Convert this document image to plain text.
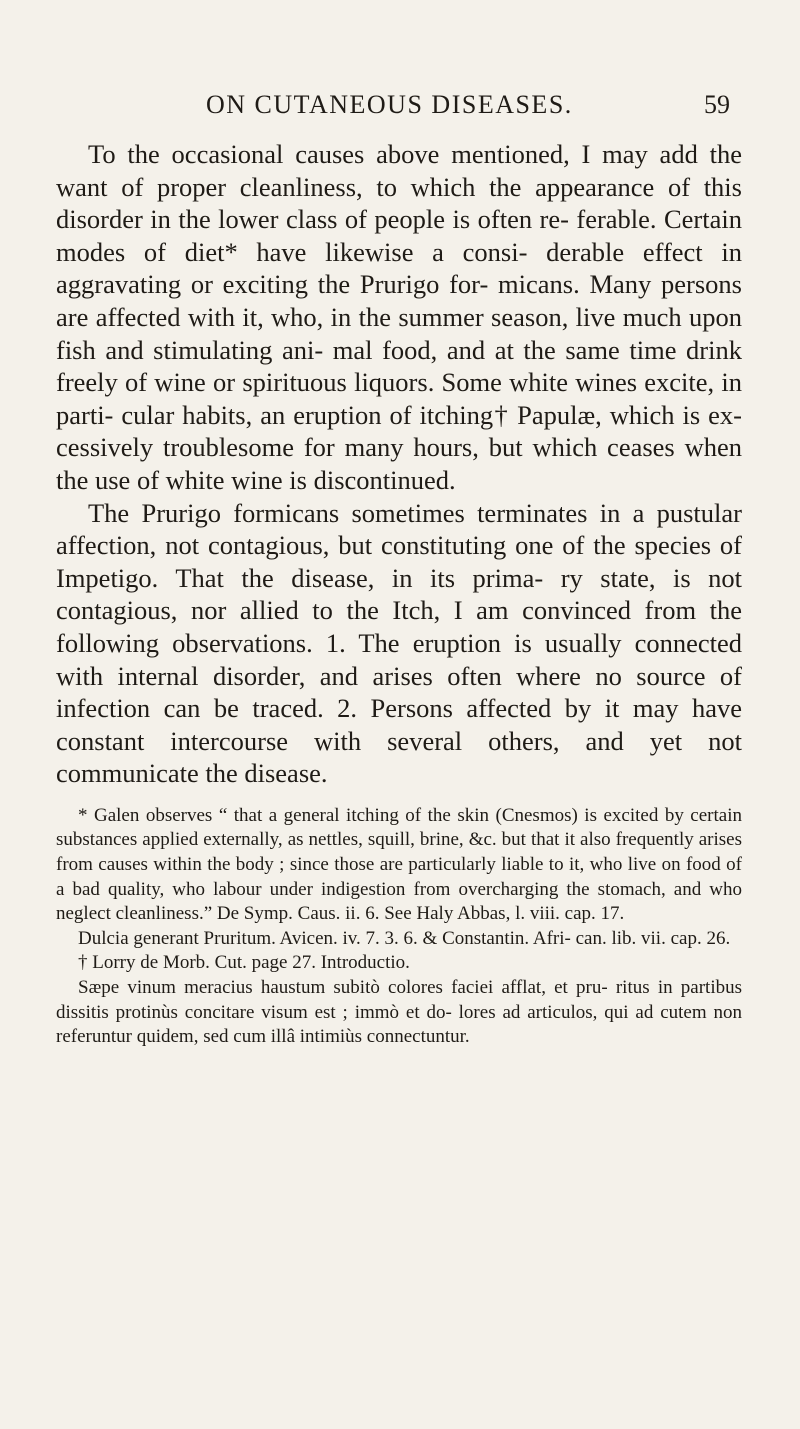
ON CUTANEOUS DISEASES.	59

To the occasional causes above mentioned, I may add the want of proper cleanliness, to which the appearance of this disorder in the lower class of people is often re- ferable. Certain modes of diet* have likewise a consi- derable effect in aggravating or exciting the Prurigo for- micans. Many persons are affected with it, who, in the summer season, live much upon fish and stimulating ani- mal food, and at the same time drink freely of wine or spirituous liquors. Some white wines excite, in parti- cular habits, an eruption of itching† Papulæ, which is ex- cessively troublesome for many hours, but which ceases when the use of white wine is discontinued.

The Prurigo formicans sometimes terminates in a pustular affection, not contagious, but constituting one of the species of Impetigo. That the disease, in its prima- ry state, is not contagious, nor allied to the Itch, I am convinced from the following observations. 1. The eruption is usually connected with internal disorder, and arises often where no source of infection can be traced. 2. Persons affected by it may have constant intercourse with several others, and yet not communicate the disease.

* Galen observes “ that a general itching of the skin (Cnesmos) is excited by certain substances applied externally, as nettles, squill, brine, &c. but that it also frequently arises from causes within the body ; since those are particularly liable to it, who live on food of a bad quality, who labour under indigestion from overcharging the stomach, and who neglect cleanliness.” De Symp. Caus. ii. 6. See Haly Abbas, l. viii. cap. 17.

Dulcia generant Pruritum. Avicen. iv. 7. 3. 6. & Constantin. Afri- can. lib. vii. cap. 26.

† Lorry de Morb. Cut. page 27. Introductio.

Sæpe vinum meracius haustum subitò colores faciei afflat, et pru- ritus in partibus dissitis protinùs concitare visum est ; immò et do- lores ad articulos, qui ad cutem non referuntur quidem, sed cum illâ intimiùs connectuntur.
